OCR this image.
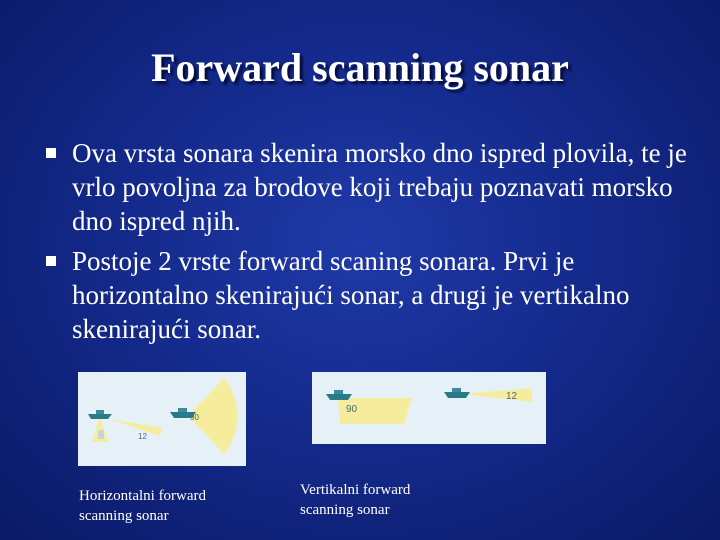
Forward scanning sonar
Ova vrsta sonara skenira morsko dno ispred plovila, te je vrlo povoljna za brodove koji trebaju poznavati morsko dno ispred njih.
Postoje 2 vrste forward scaning sonara. Prvi je horizontalno skenirajući sonar, a drugi je vertikalno skenirajući sonar.
12
90
90
12
Horizontalni forward
scanning sonar
Vertikalni forward
scanning sonar
